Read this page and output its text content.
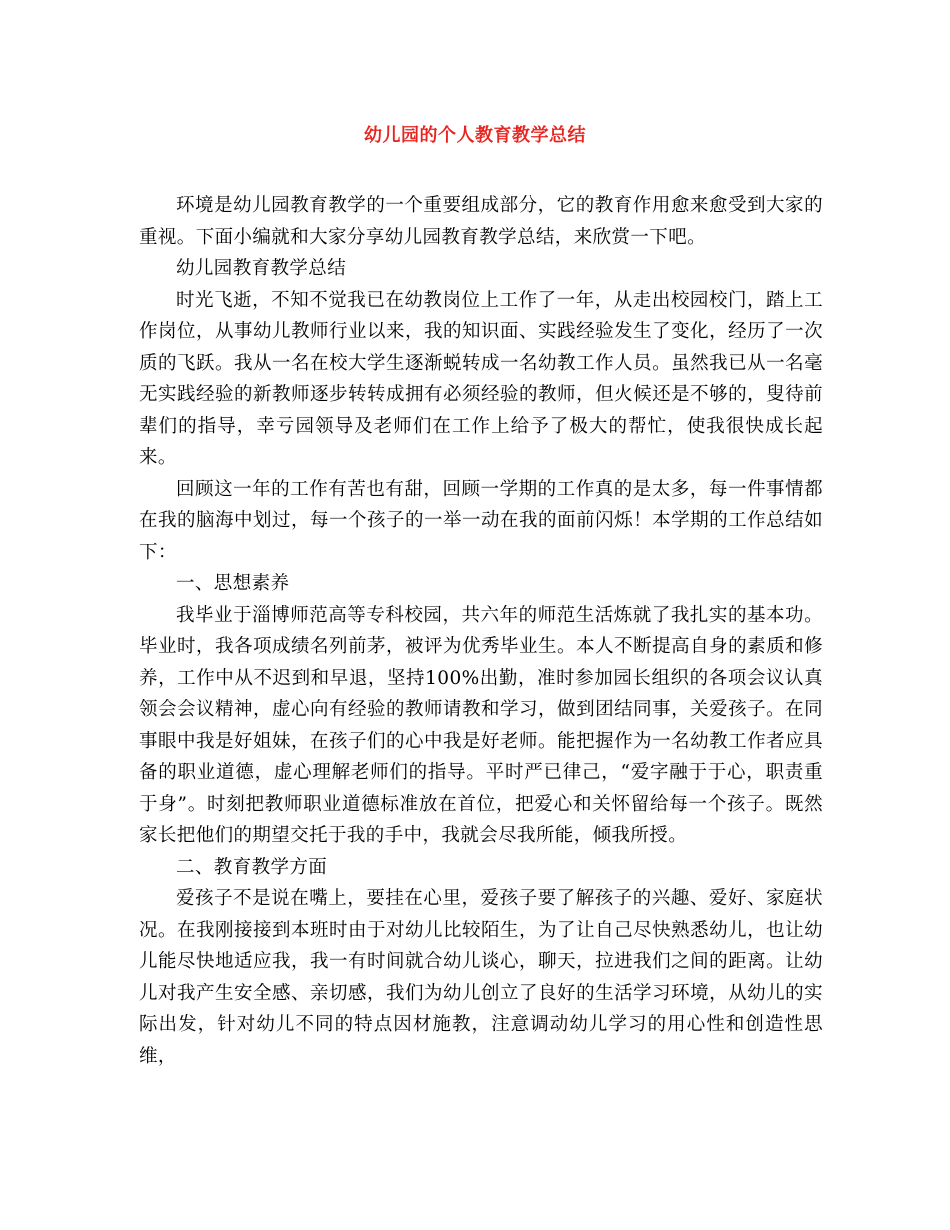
幼儿园的个人教育教学总结

环境是幼儿园教育教学的一个重要组成部分，它的教育作用愈来愈受到大家的重视。下面小编就和大家分享幼儿园教育教学总结，来欣赏一下吧。

幼儿园教育教学总结

时光飞逝，不知不觉我已在幼教岗位上工作了一年，从走出校园校门，踏上工作岗位，从事幼儿教师行业以来，我的知识面、实践经验发生了变化，经历了一次质的飞跃。我从一名在校大学生逐渐蜕转成一名幼教工作人员。虽然我已从一名毫无实践经验的新教师逐步转转成拥有必须经验的教师，但火候还是不够的，叟待前辈们的指导，幸亏园领导及老师们在工作上给予了极大的帮忙，使我很快成长起来。

回顾这一年的工作有苦也有甜，回顾一学期的工作真的是太多，每一件事情都在我的脑海中划过，每一个孩子的一举一动在我的面前闪烁！本学期的工作总结如下：

一、思想素养

我毕业于淄博师范高等专科校园，共六年的师范生活炼就了我扎实的基本功。毕业时，我各项成绩名列前茅，被评为优秀毕业生。本人不断提高自身的素质和修养，工作中从不迟到和早退，坚持100%出勤，准时参加园长组织的各项会议认真领会会议精神，虚心向有经验的教师请教和学习，做到团结同事，关爱孩子。在同事眼中我是好姐妹，在孩子们的心中我是好老师。能把握作为一名幼教工作者应具备的职业道德，虚心理解老师们的指导。平时严已律己，“爱字融于于心，职责重于身”。时刻把教师职业道德标准放在首位，把爱心和关怀留给每一个孩子。既然家长把他们的期望交托于我的手中，我就会尽我所能，倾我所授。

二、教育教学方面

爱孩子不是说在嘴上，要挂在心里，爱孩子要了解孩子的兴趣、爱好、家庭状况。在我刚接接到本班时由于对幼儿比较陌生，为了让自己尽快熟悉幼儿，也让幼儿能尽快地适应我，我一有时间就合幼儿谈心，聊天，拉进我们之间的距离。让幼儿对我产生安全感、亲切感，我们为幼儿创立了良好的生活学习环境，从幼儿的实际出发，针对幼儿不同的特点因材施教，注意调动幼儿学习的用心性和创造性思维，
